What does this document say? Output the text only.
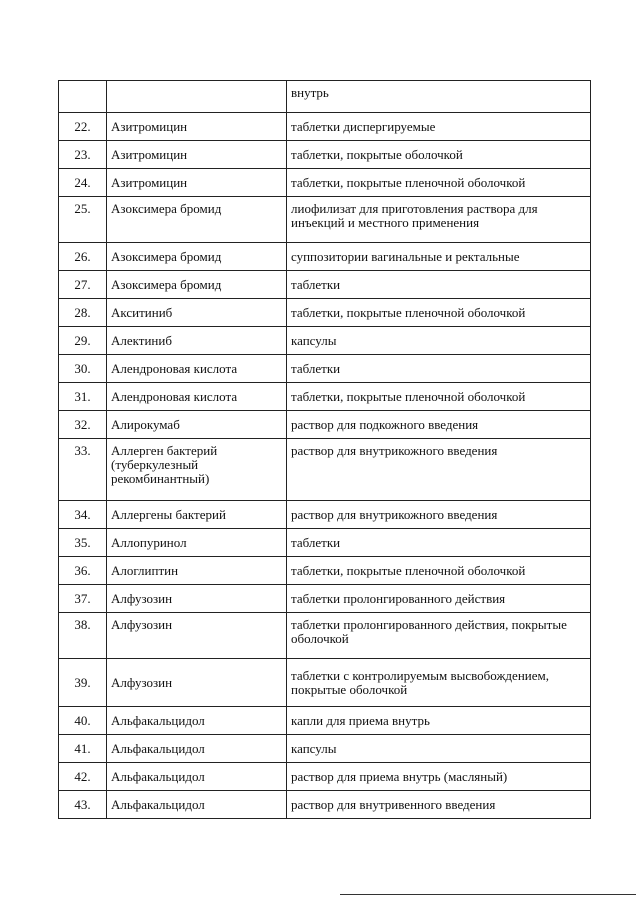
		внутрь
22.	Азитромицин	таблетки диспергируемые
23.	Азитромицин	таблетки, покрытые оболочкой
24.	Азитромицин	таблетки, покрытые пленочной оболочкой
25.	Азоксимера бромид	лиофилизат для приготовления раствора для инъекций и местного применения
26.	Азоксимера бромид	суппозитории вагинальные и ректальные
27.	Азоксимера бромид	таблетки
28.	Акситиниб	таблетки, покрытые пленочной оболочкой
29.	Алектиниб	капсулы
30.	Алендроновая кислота	таблетки
31.	Алендроновая кислота	таблетки, покрытые пленочной оболочкой
32.	Алирокумаб	раствор для подкожного введения
33.	Аллерген бактерий (туберкулезный рекомбинантный)	раствор для внутрикожного введения
34.	Аллергены бактерий	раствор для внутрикожного введения
35.	Аллопуринол	таблетки
36.	Алоглиптин	таблетки, покрытые пленочной оболочкой
37.	Алфузозин	таблетки пролонгированного действия
38.	Алфузозин	таблетки пролонгированного действия, покрытые оболочкой
39.	Алфузозин	таблетки с контролируемым высвобождением, покрытые оболочкой
40.	Альфакальцидол	капли для приема внутрь
41.	Альфакальцидол	капсулы
42.	Альфакальцидол	раствор для приема внутрь (масляный)
43.	Альфакальцидол	раствор для внутривенного введения
